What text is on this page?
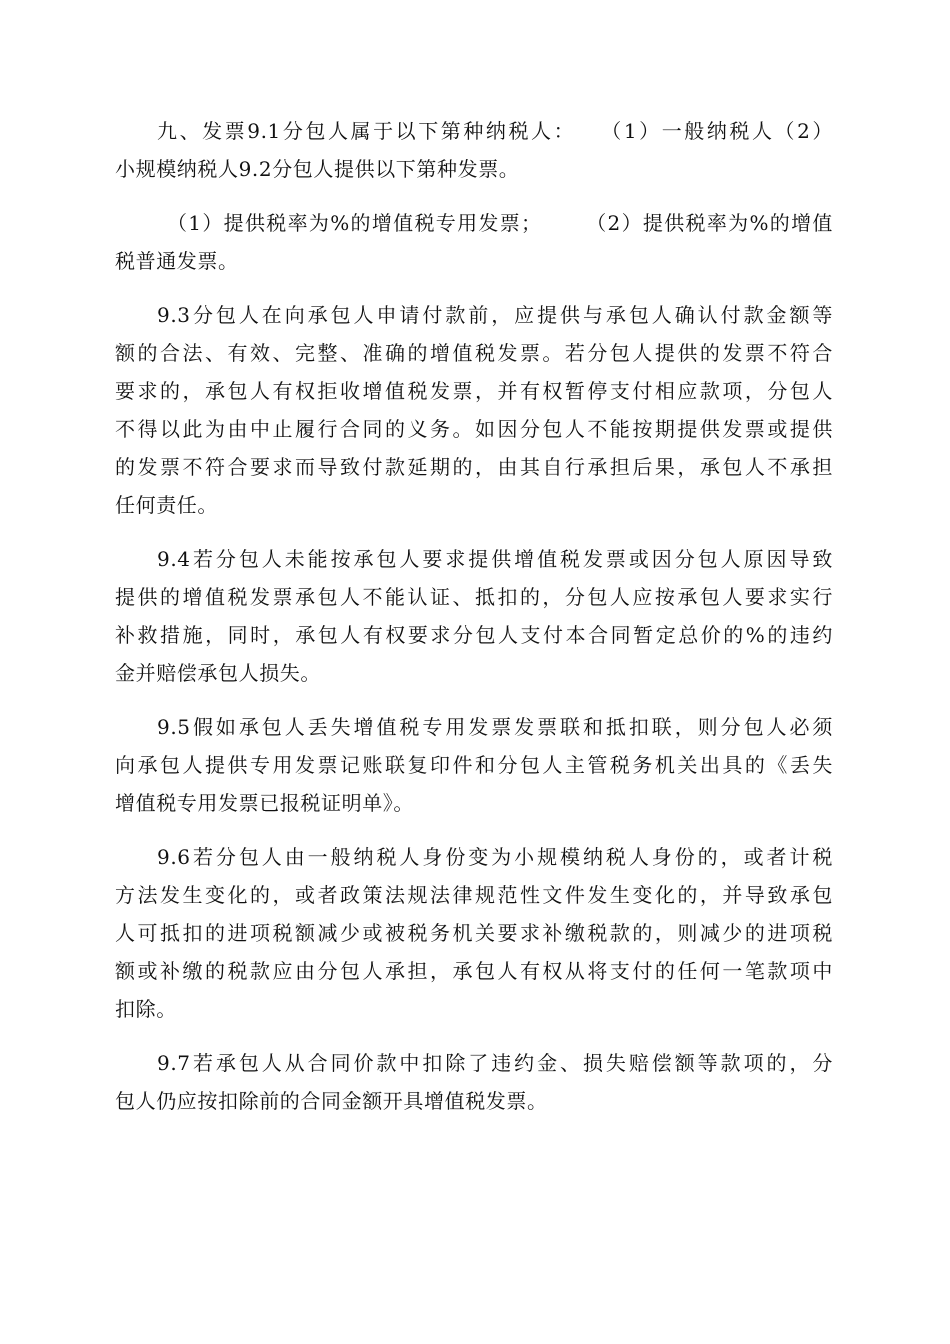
九、发票9.1分包人属于以下第种纳税人：　　（1）一般纳税人（2）
小规模纳税人9.2分包人提供以下第种发票。

（1）提供税率为%的增值税专用发票；　　　（2）提供税率为%的增值
税普通发票。

9.3分包人在向承包人申请付款前，应提供与承包人确认付款金额等
额的合法、有效、完整、准确的增值税发票。若分包人提供的发票不符合
要求的，承包人有权拒收增值税发票，并有权暂停支付相应款项，分包人
不得以此为由中止履行合同的义务。如因分包人不能按期提供发票或提供
的发票不符合要求而导致付款延期的，由其自行承担后果，承包人不承担
任何责任。

9.4若分包人未能按承包人要求提供增值税发票或因分包人原因导致
提供的增值税发票承包人不能认证、抵扣的，分包人应按承包人要求实行
补救措施，同时，承包人有权要求分包人支付本合同暂定总价的%的违约
金并赔偿承包人损失。

9.5假如承包人丢失增值税专用发票发票联和抵扣联，则分包人必须
向承包人提供专用发票记账联复印件和分包人主管税务机关出具的《丢失
增值税专用发票已报税证明单》。

9.6若分包人由一般纳税人身份变为小规模纳税人身份的，或者计税
方法发生变化的，或者政策法规法律规范性文件发生变化的，并导致承包
人可抵扣的进项税额减少或被税务机关要求补缴税款的，则减少的进项税
额或补缴的税款应由分包人承担，承包人有权从将支付的任何一笔款项中
扣除。

9.7若承包人从合同价款中扣除了违约金、损失赔偿额等款项的，分
包人仍应按扣除前的合同金额开具增值税发票。
